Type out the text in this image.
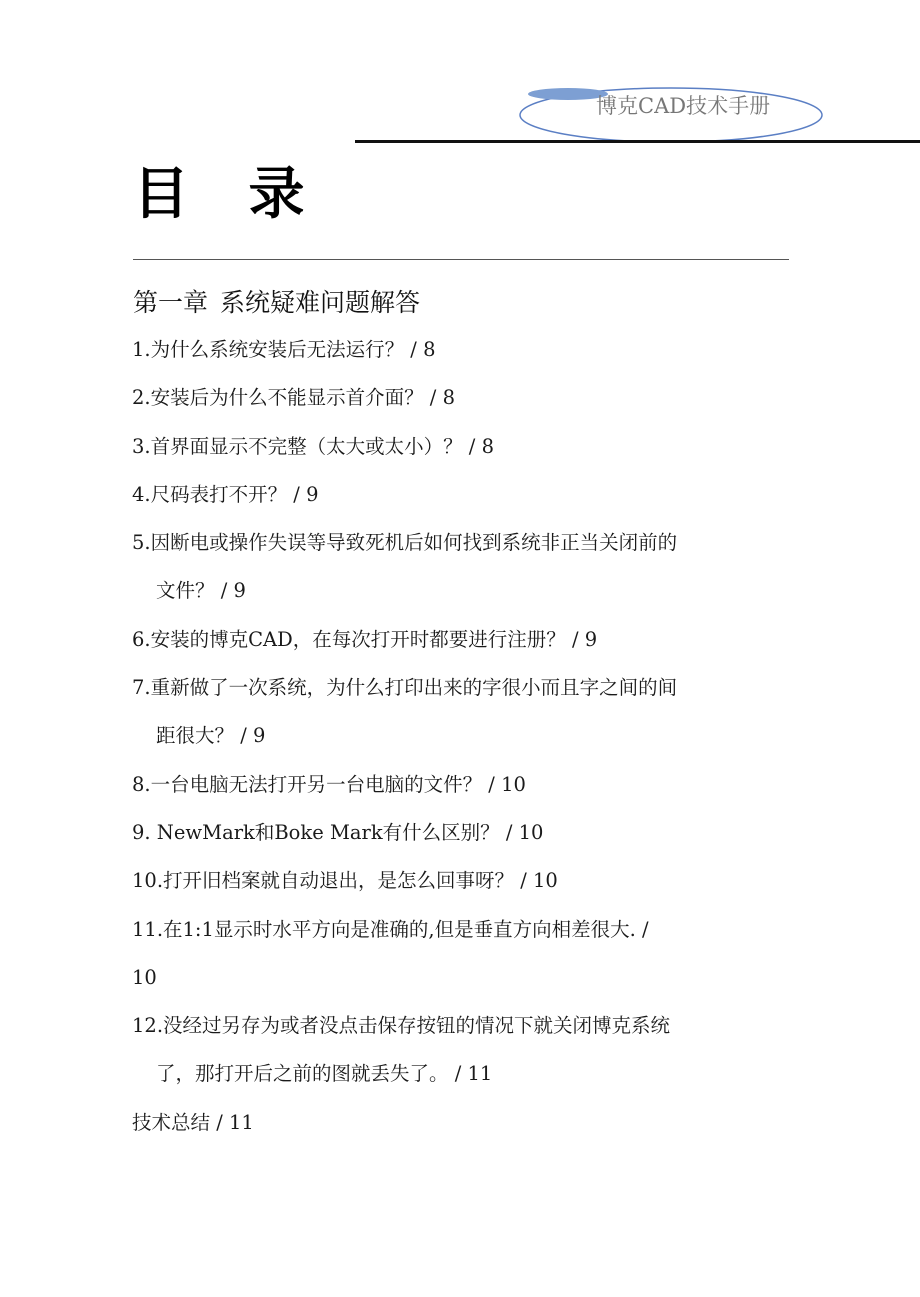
博克CAD技术手册
目 录
第一章 系统疑难问题解答
1.为什么系统安装后无法运行？ / 8
2.安装后为什么不能显示首介面？ / 8
3.首界面显示不完整（太大或太小）？ / 8
4.尺码表打不开？ / 9
5.因断电或操作失误等导致死机后如何找到系统非正当关闭前的
文件？ / 9
6.安装的博克CAD，在每次打开时都要进行注册？ / 9
7.重新做了一次系统，为什么打印出来的字很小而且字之间的间
距很大？ / 9
8.一台电脑无法打开另一台电脑的文件？ / 10
9. NewMark和Boke Mark有什么区别？ / 10
10.打开旧档案就自动退出，是怎么回事呀？ / 10
11.在1:1显示时水平方向是准确的,但是垂直方向相差很大. /
10
12.没经过另存为或者没点击保存按钮的情况下就关闭博克系统
了，那打开后之前的图就丢失了。 / 11
技术总结 / 11
